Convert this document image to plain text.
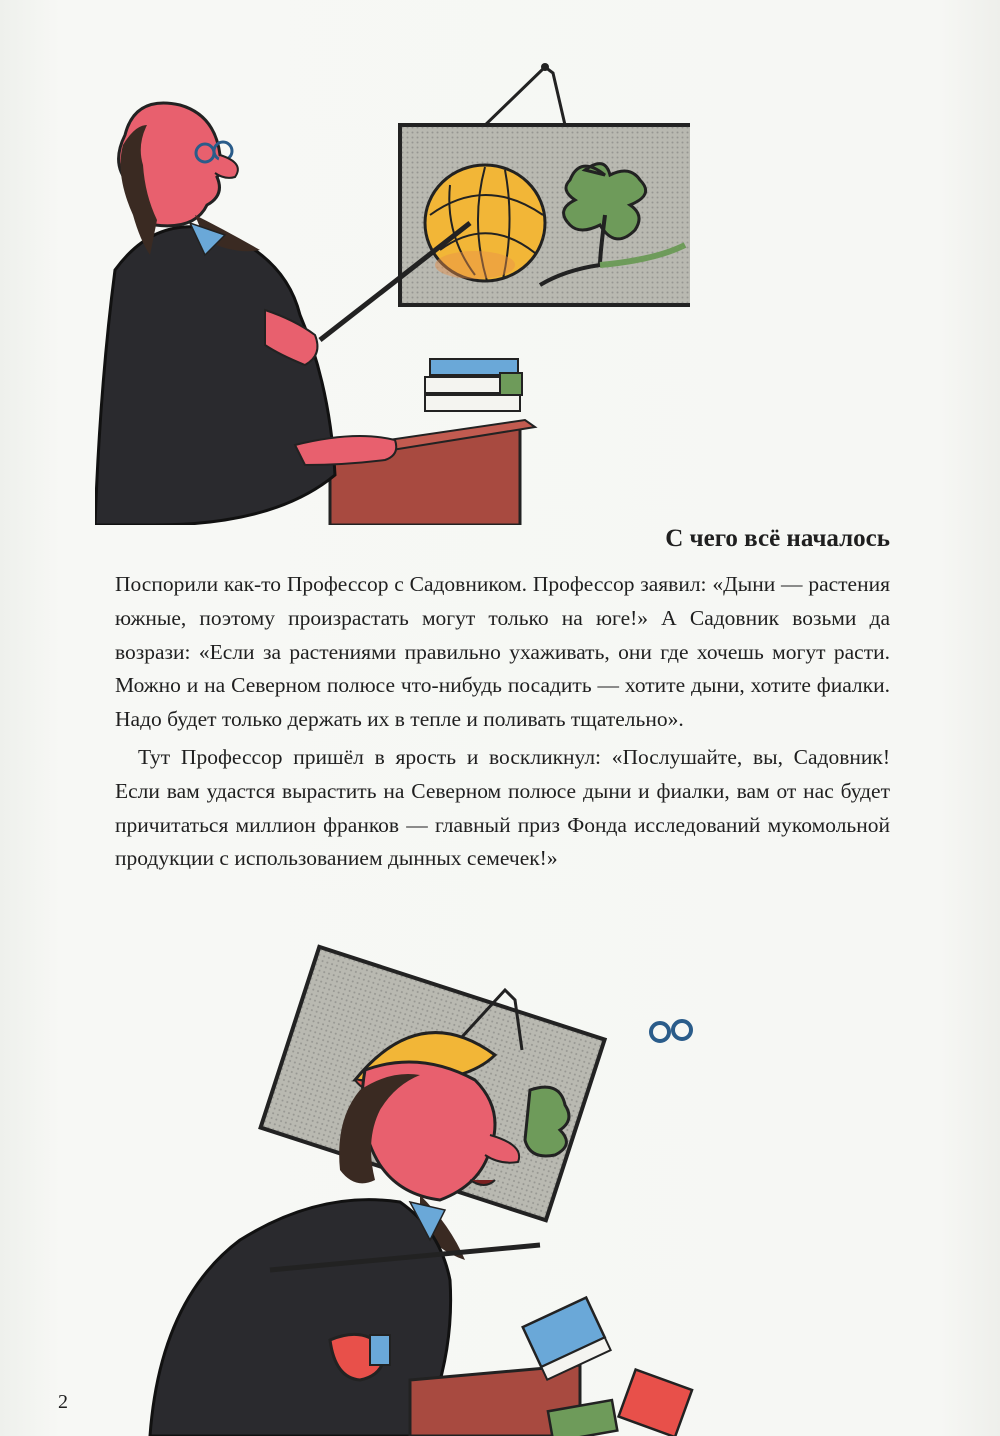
С чего всё началось

Поспорили как-то Профессор с Садовником. Профессор заявил: «Дыни — растения южные, поэтому произрастать могут только на юге!» А Садовник возьми да возрази: «Если за растениями правильно ухаживать, они где хочешь могут расти. Можно и на Северном полюсе что-нибудь посадить — хотите дыни, хотите фиалки. Надо будет только держать их в тепле и поливать тщательно».

Тут Профессор пришёл в ярость и воскликнул: «Послушайте, вы, Садовник! Если вам удастся вырастить на Северном полюсе дыни и фиалки, вам от нас будет причитаться миллион франков — главный приз Фонда исследований мукомольной продукции с использованием дынных семечек!»

2
